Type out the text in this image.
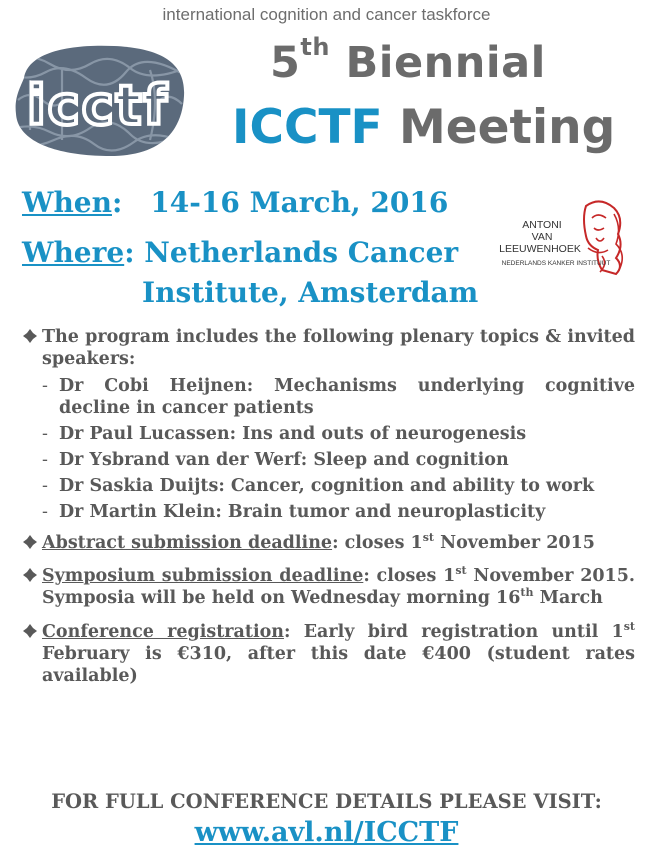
international cognition and cancer taskforce
icctf
5th Biennial
ICCTF Meeting
When: 14-16 March, 2016
Where: Netherlands Cancer
Institute, Amsterdam
ANTONI
VAN
LEEUWENHOEK
NEDERLANDS KANKER INSTITUUT
The program includes the following plenary topics & invited speakers:
- Dr Cobi Heijnen: Mechanisms underlying cognitive decline in cancer patients
- Dr Paul Lucassen: Ins and outs of neurogenesis
- Dr Ysbrand van der Werf: Sleep and cognition
- Dr Saskia Duijts: Cancer, cognition and ability to work
- Dr Martin Klein: Brain tumor and neuroplasticity
Abstract submission deadline: closes 1st November 2015
Symposium submission deadline: closes 1st November 2015. Symposia will be held on Wednesday morning 16th March
Conference registration: Early bird registration until 1st February is €310, after this date €400 (student rates available)
FOR FULL CONFERENCE DETAILS PLEASE VISIT:
www.avl.nl/ICCTF
